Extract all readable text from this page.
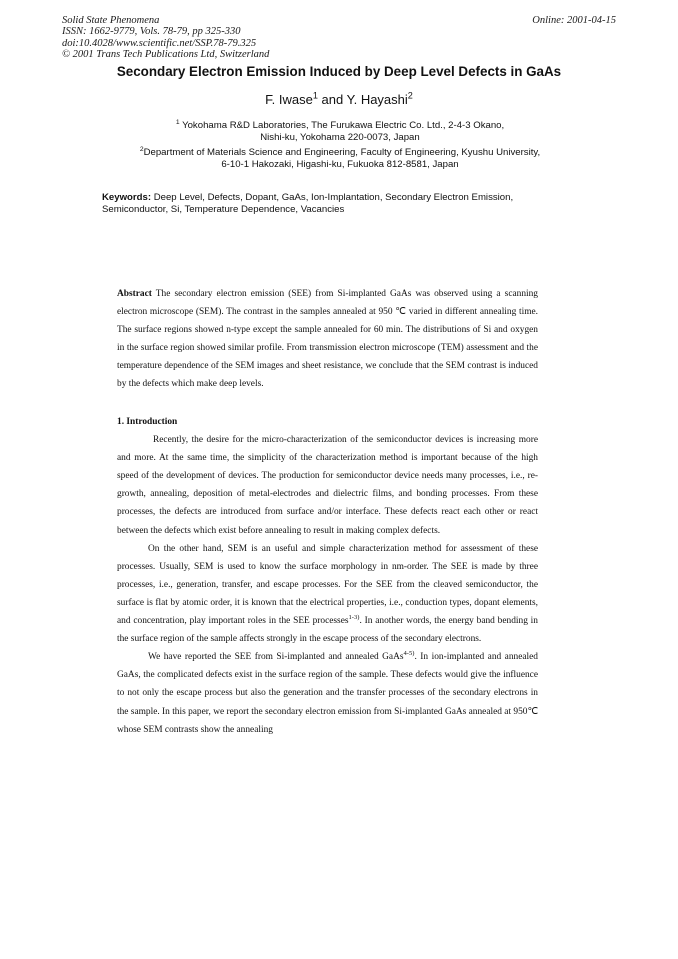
Solid State Phenomena
ISSN: 1662-9779, Vols. 78-79, pp 325-330
doi:10.4028/www.scientific.net/SSP.78-79.325
© 2001 Trans Tech Publications Ltd, Switzerland
Online: 2001-04-15
Secondary Electron Emission Induced by Deep Level Defects in GaAs
F. Iwase$^1$ and Y. Hayashi$^2$
$^1$ Yokohama R&D Laboratories, The Furukawa Electric Co. Ltd., 2-4-3 Okano,
Nishi-ku, Yokohama 220-0073, Japan
$^2$Department of Materials Science and Engineering, Faculty of Engineering, Kyushu University,
6-10-1 Hakozaki, Higashi-ku, Fukuoka 812-8581, Japan
Keywords: Deep Level, Defects, Dopant, GaAs, Ion-Implantation, Secondary Electron Emission, Semiconductor, Si, Temperature Dependence, Vacancies

Abstract The secondary electron emission (SEE) from Si-implanted GaAs was observed using a scanning electron microscope (SEM). The contrast in the samples annealed at 950 ℃ varied in different annealing time. The surface regions showed n-type except the sample annealed for 60 min. The distributions of Si and oxygen in the surface region showed similar profile. From transmission electron microscope (TEM) assessment and the temperature dependence of the SEM images and sheet resistance, we conclude that the SEM contrast is induced by the defects which make deep levels.

1. Introduction

Recently, the desire for the micro-characterization of the semiconductor devices is increasing more and more. At the same time, the simplicity of the characterization method is important because of the high speed of the development of devices. The production for semiconductor device needs many processes, i.e., re-growth, annealing, deposition of metal-electrodes and dielectric films, and bonding processes. From these processes, the defects are introduced from surface and/or interface. These defects react each other or react between the defects which exist before annealing to result in making complex defects.

On the other hand, SEM is an useful and simple characterization method for assessment of these processes. Usually, SEM is used to know the surface morphology in nm-order. The SEE is made by three processes, i.e., generation, transfer, and escape processes. For the SEE from the cleaved semiconductor, the surface is flat by atomic order, it is known that the electrical properties, i.e., conduction types, dopant elements, and concentration, play important roles in the SEE processes$^{1-3)}$. In another words, the energy band bending in the surface region of the sample affects strongly in the escape process of the secondary electrons.

We have reported the SEE from Si-implanted and annealed GaAs$^{4-5)}$. In ion-implanted and annealed GaAs, the complicated defects exist in the surface region of the sample. These defects would give the influence to not only the escape process but also the generation and the transfer processes of the secondary electrons in the sample. In this paper, we report the secondary electron emission from Si-implanted GaAs annealed at 950℃ whose SEM contrasts show the annealing
